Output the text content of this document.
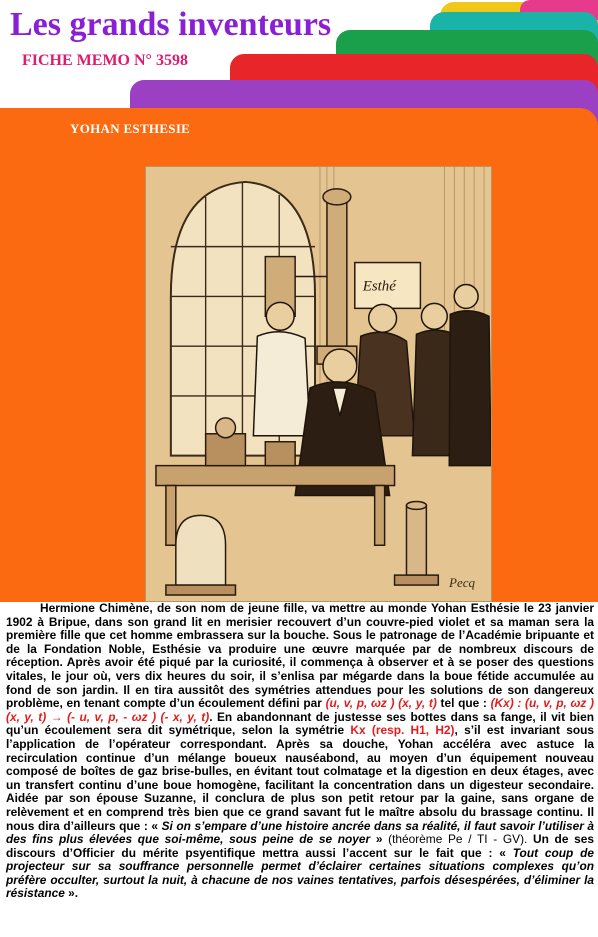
Les grands inventeurs
FICHE MEMO N° 3598
YOHAN ESTHESIE
Esthé
Pecq

Hermione Chimène, de son nom de jeune fille, va mettre au monde Yohan Esthésie le 23 janvier 1902 à Bripue, dans son grand lit en merisier recouvert d’un couvre-pied violet et sa maman sera la première fille que cet homme embrassera sur la bouche. Sous le patronage de l’Académie bripuante et de la Fondation Noble, Esthésie va produire une œuvre marquée par de nombreux discours de réception. Après avoir été piqué par la curiosité, il commença à observer et à se poser des questions vitales, le jour où, vers dix heures du soir, il s’enlisa par mégarde dans la boue fétide accumulée au fond de son jardin. Il en tira aussitôt des symétries attendues pour les solutions de son dangereux problème, en tenant compte d’un écoulement défini par (u, v, p, ωz ) (x, y, t) tel que : (Kx) : (u, v, p, ωz ) (x, y, t) → (- u, v, p, - ωz ) (- x, y, t). En abandonnant de justesse ses bottes dans sa fange, il vit bien qu’un écoulement sera dit symétrique, selon la symétrie Kx (resp. H1, H2), s’il est invariant sous l’application de l’opérateur correspondant. Après sa douche, Yohan accéléra avec astuce la recirculation continue d’un mélange boueux nauséabond, au moyen d’un équipement nouveau composé de boîtes de gaz brise-bulles, en évitant tout colmatage et la digestion en deux étages, avec un transfert continu d’une boue homogène, facilitant la concentration dans un digesteur secondaire. Aidée par son épouse Suzanne, il conclura de plus son petit retour par la gaine, sans organe de relèvement et en comprend très bien que ce grand savant fut le maître absolu du brassage continu. Il nous dira d’ailleurs que : « Si on s’empare d’une histoire ancrée dans sa réalité, il faut savoir l’utiliser à des fins plus élevées que soi-même, sous peine de se noyer » (théorème Pe / TI - GV). Un de ses discours d’Officier du mérite psyentifique mettra aussi l’accent sur le fait que : « Tout coup de projecteur sur sa souffrance personnelle permet d’éclairer certaines situations complexes qu’on préfère occulter, surtout la nuit, à chacune de nos vaines tentatives, parfois désespérées, d’éliminer la résistance ».
